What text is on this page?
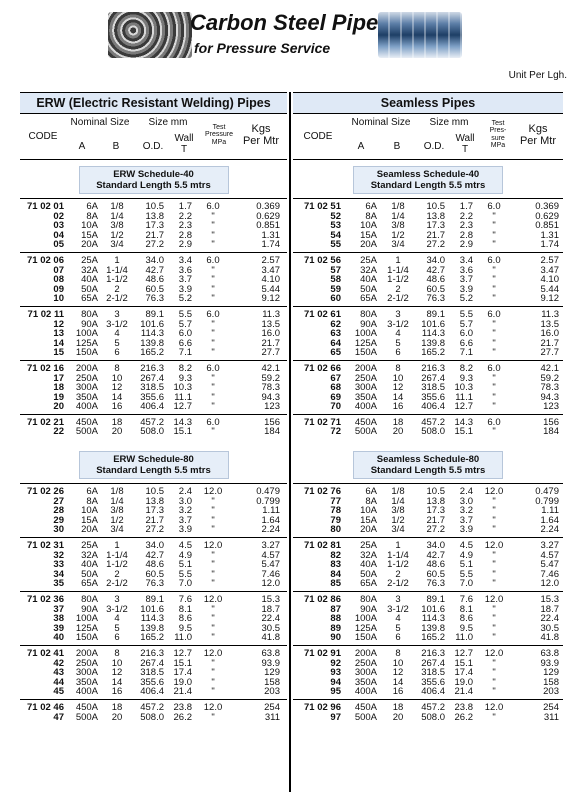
Carbon Steel Pipe
for Pressure Service
Unit Per Lgh.
ERW (Electric Resistant Welding) Pipes
CODE
Nominal Size
A	B
Size mm
O.D.
Wall
T
Test Pressure MPa
Kgs
Per Mtr
ERW Schedule-40
Standard Length 5.5 mtrs
71 02 01	6A	1/8	10.5	1.7	6.0	0.369
02	8A	1/4	13.8	2.2	"	0.629
03	10A	3/8	17.3	2.3	"	0.851
04	15A	1/2	21.7	2.8	"	1.31
05	20A	3/4	27.2	2.9	"	1.74
71 02 06	25A	1	34.0	3.4	6.0	2.57
07	32A 1-1/4	42.7	3.6	"	3.47
08	40A 1-1/2	48.6	3.7	"	4.10
09	50A	2	60.5	3.9	"	5.44
10	65A 2-1/2	76.3	5.2	"	9.12
71 02 11	80A	3	89.1	5.5	6.0	11.3
12	90A 3-1/2	101.6	5.7	"	13.5
13	100A	4	114.3	6.0	"	16.0
14	125A	5	139.8	6.6	"	21.7
15	150A	6	165.2	7.1	"	27.7
71 02 16	200A	8	216.3	8.2	6.0	42.1
17	250A	10	267.4	9.3	"	59.2
18	300A	12	318.5	10.3	"	78.3
19	350A	14	355.6	11.1	"	94.3
20	400A	16	406.4	12.7	"	123
71 02 21	450A	18	457.2	14.3	6.0	156
22	500A	20	508.0	15.1	"	184
ERW Schedule-80
Standard Length 5.5 mtrs
71 02 26	6A	1/8	10.5	2.4	12.0	0.479
27	8A	1/4	13.8	3.0	"	0.799
28	10A	3/8	17.3	3.2	"	1.11
29	15A	1/2	21.7	3.7	"	1.64
30	20A	3/4	27.2	3.9	"	2.24
71 02 31	25A	1	34.0	4.5	12.0	3.27
32	32A 1-1/4	42.7	4.9	"	4.57
33	40A 1-1/2	48.6	5.1	"	5.47
34	50A	2	60.5	5.5	"	7.46
35	65A 2-1/2	76.3	7.0	"	12.0
71 02 36	80A	3	89.1	7.6	12.0	15.3
37	90A 3-1/2	101.6	8.1	"	18.7
38	100A	4	114.3	8.6	"	22.4
39	125A	5	139.8	9.5	"	30.5
40	150A	6	165.2	11.0	"	41.8
71 02 41	200A	8	216.3	12.7	12.0	63.8
42	250A	10	267.4	15.1	"	93.9
43	300A	12	318.5	17.4	"	129
44	350A	14	355.6	19.0	"	158
45	400A	16	406.4	21.4	"	203
71 02 46	450A	18	457.2	23.8	12.0	254
47	500A	20	508.0	26.2	"	311
Seamless Pipes
CODE
Nominal Size
A	B
Size mm
O.D.
Wall
T
Test Pres- sure MPa
Kgs
Per Mtr
Seamless Schedule-40
Standard Length 5.5 mtrs
71 02 51	6A	1/8	10.5	1.7	6.0	0.369
52	8A	1/4	13.8	2.2	"	0.629
53	10A	3/8	17.3	2.3	"	0.851
54	15A	1/2	21.7	2.8	"	1.31
55	20A	3/4	27.2	2.9	"	1.74
71 02 56	25A	1	34.0	3.4	6.0	2.57
57	32A 1-1/4	42.7	3.6	"	3.47
58	40A 1-1/2	48.6	3.7	"	4.10
59	50A	2	60.5	3.9	"	5.44
60	65A 2-1/2	76.3	5.2	"	9.12
71 02 61	80A	3	89.1	5.5	6.0	11.3
62	90A 3-1/2	101.6	5.7	"	13.5
63	100A	4	114.3	6.0	"	16.0
64	125A	5	139.8	6.6	"	21.7
65	150A	6	165.2	7.1	"	27.7
71 02 66	200A	8	216.3	8.2	6.0	42.1
67	250A	10	267.4	9.3	"	59.2
68	300A	12	318.5	10.3	"	78.3
69	350A	14	355.6	11.1	"	94.3
70	400A	16	406.4	12.7	"	123
71 02 71	450A	18	457.2	14.3	6.0	156
72	500A	20	508.0	15.1	"	184
Seamless Schedule-80
Standard Length 5.5 mtrs
71 02 76	6A	1/8	10.5	2.4	12.0	0.479
77	8A	1/4	13.8	3.0	"	0.799
78	10A	3/8	17.3	3.2	"	1.11
79	15A	1/2	21.7	3.7	"	1.64
80	20A	3/4	27.2	3.9	"	2.24
71 02 81	25A	1	34.0	4.5	12.0	3.27
82	32A 1-1/4	42.7	4.9	"	4.57
83	40A 1-1/2	48.6	5.1	"	5.47
84	50A	2	60.5	5.5	"	7.46
85	65A 2-1/2	76.3	7.0	"	12.0
71 02 86	80A	3	89.1	7.6	12.0	15.3
87	90A 3-1/2	101.6	8.1	"	18.7
88	100A	4	114.3	8.6	"	22.4
89	125A	5	139.8	9.5	"	30.5
90	150A	6	165.2	11.0	"	41.8
71 02 91	200A	8	216.3	12.7	12.0	63.8
92	250A	10	267.4	15.1	"	93.9
93	300A	12	318.5	17.4	"	129
94	350A	14	355.6	19.0	"	158
95	400A	16	406.4	21.4	"	203
71 02 96	450A	18	457.2	23.8	12.0	254
97	500A	20	508.0	26.2	"	311
